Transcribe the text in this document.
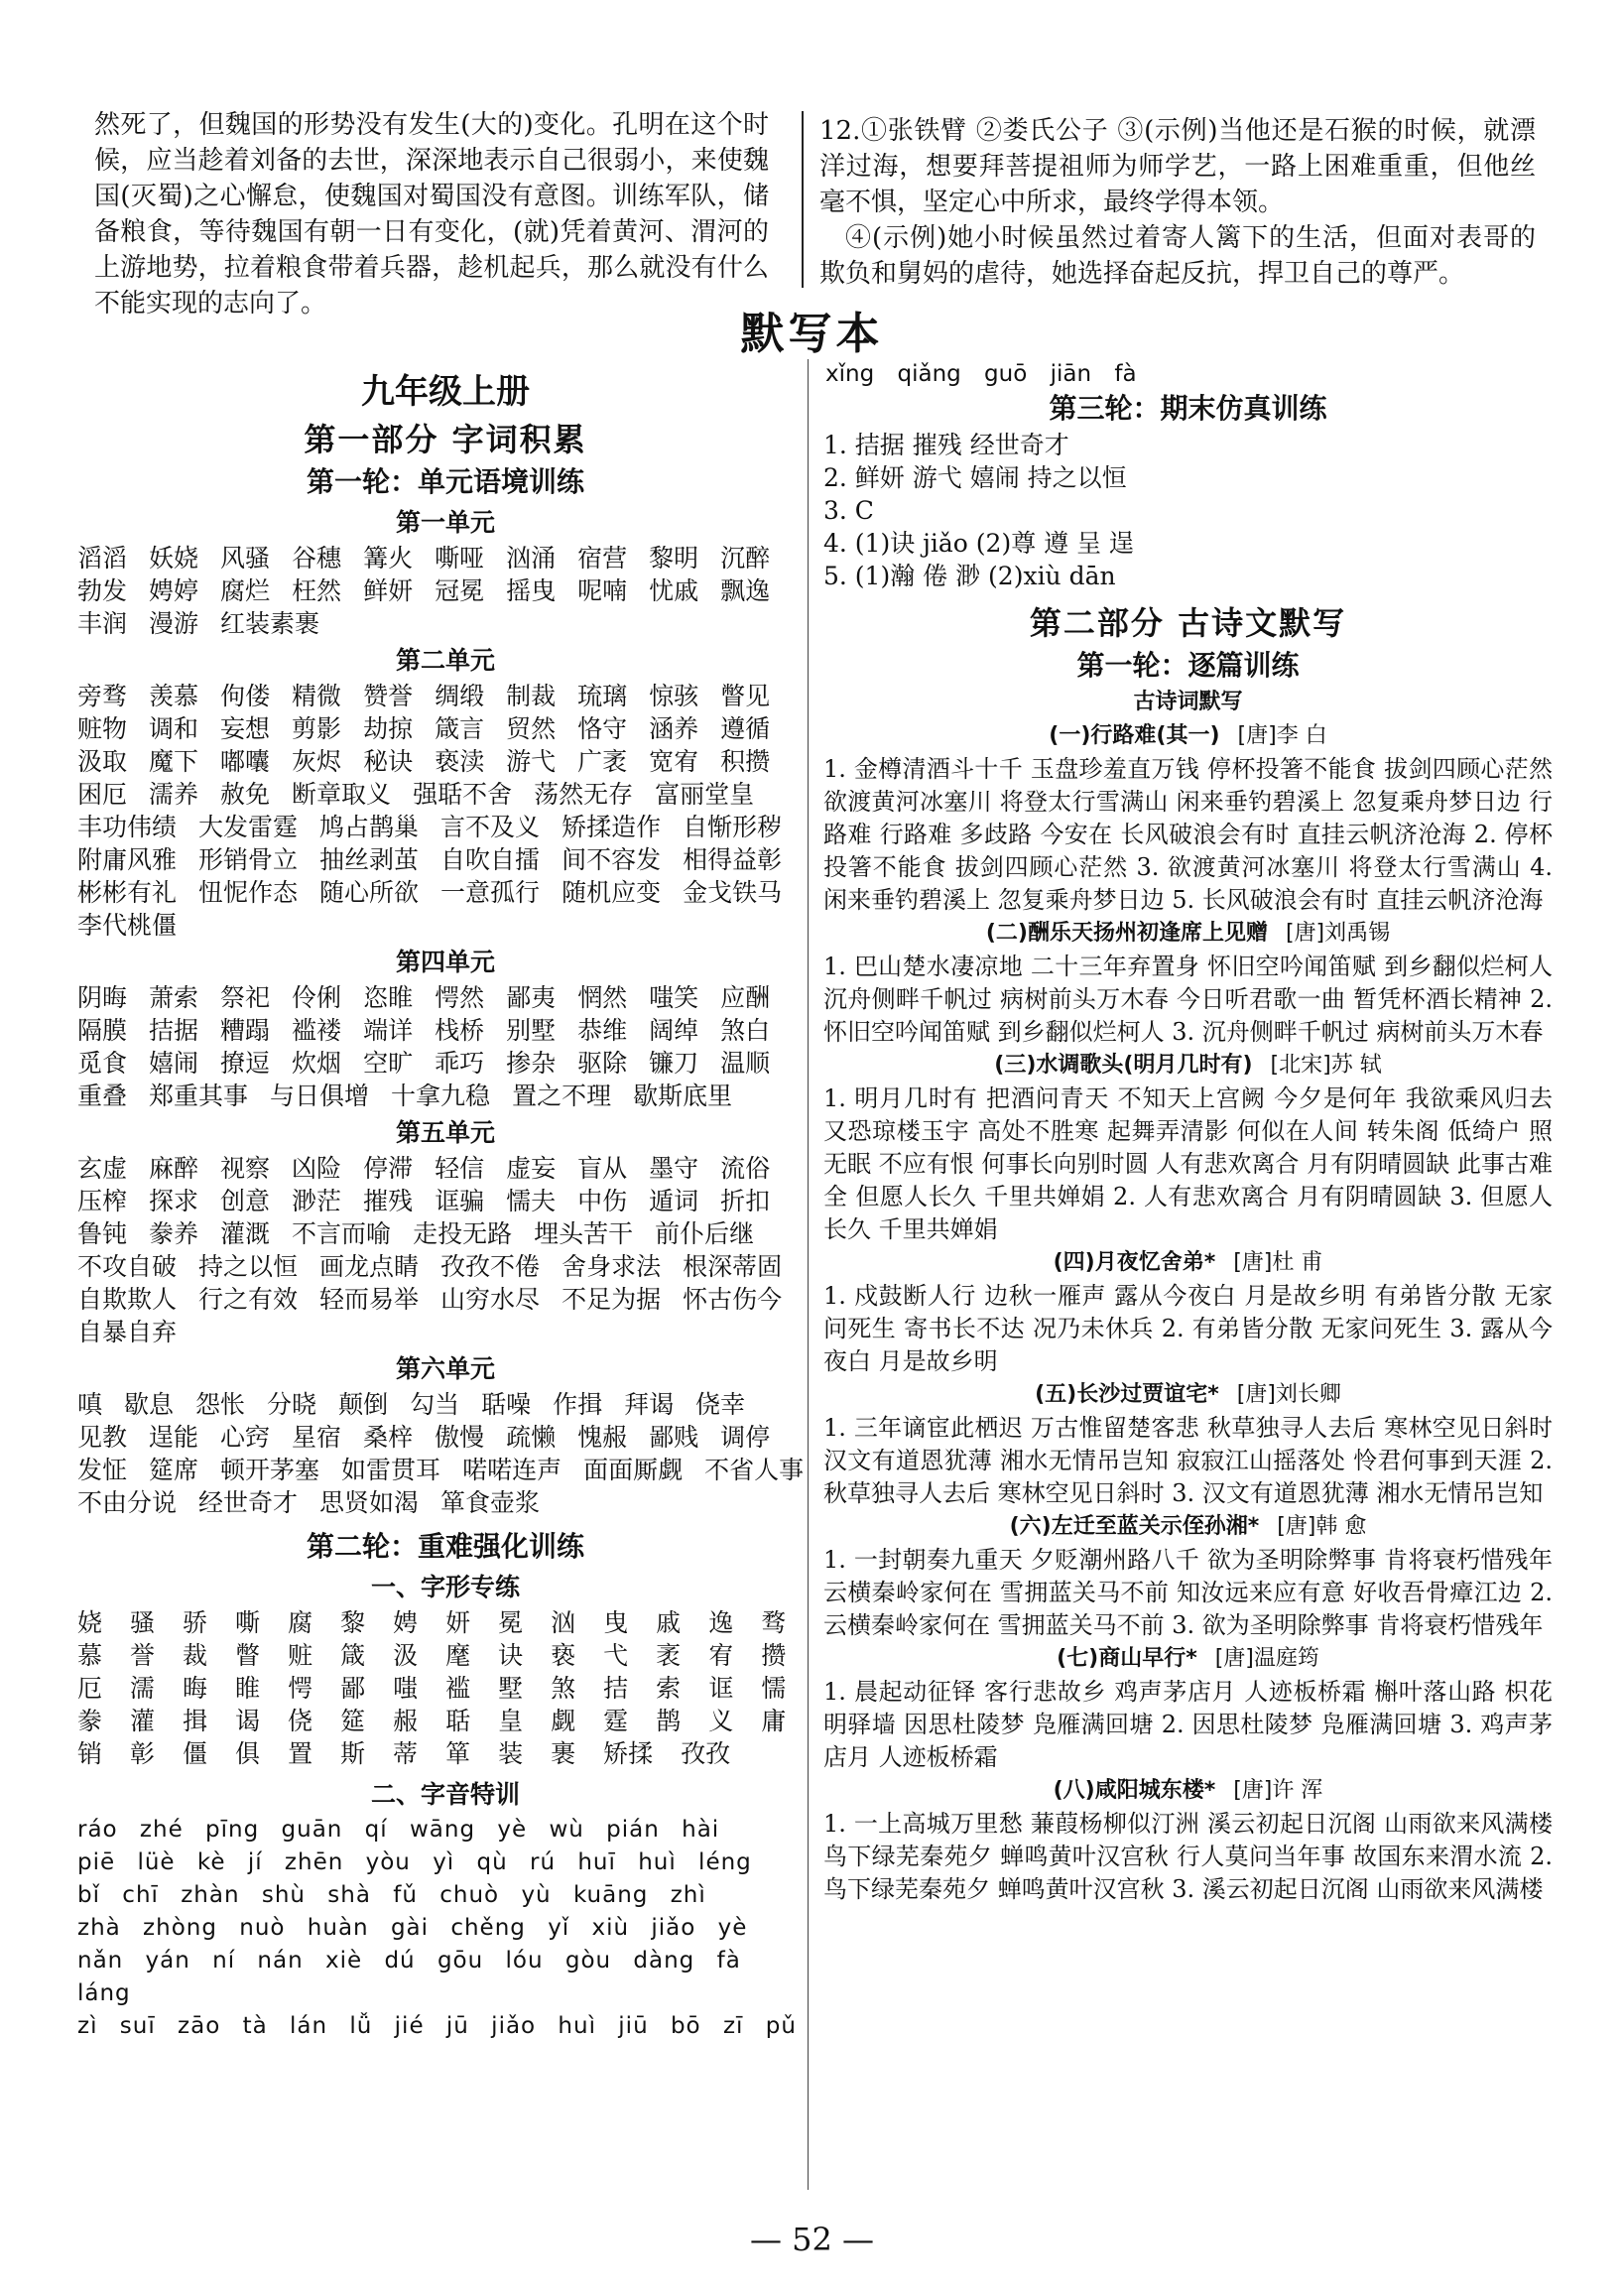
然死了，但魏国的形势没有发生(大的)变化。孔明在这个时候，应当趁着刘备的去世，深深地表示自己很弱小，来使魏国(灭蜀)之心懈怠，使魏国对蜀国没有意图。训练军队，储备粮食，等待魏国有朝一日有变化，(就)凭着黄河、渭河的上游地势，拉着粮食带着兵器，趁机起兵，那么就没有什么不能实现的志向了。

12.①张铁臂 ②娄氏公子 ③(示例)当他还是石猴的时候，就漂洋过海，想要拜菩提祖师为师学艺，一路上困难重重，但他丝毫不惧，坚定心中所求，最终学得本领。

④(示例)她小时候虽然过着寄人篱下的生活，但面对表哥的欺负和舅妈的虐待，她选择奋起反抗，捍卫自己的尊严。

默写本
九年级上册
第一部分 字词积累
第一轮：单元语境训练
第一单元
滔滔 妖娆 风骚 谷穗 篝火 嘶哑 汹涌 宿营 黎明 沉醉
勃发 娉婷 腐烂 枉然 鲜妍 冠冕 摇曳 呢喃 忧戚 飘逸
丰润 漫游 红装素裹
第二单元
旁骛 羡慕 佝偻 精微 赞誉 绸缎 制裁 琉璃 惊骇 瞥见
赃物 调和 妄想 剪影 劫掠 箴言 贸然 恪守 涵养 遵循
汲取 魔下 嘟囔 灰烬 秘诀 亵渎 游弋 广袤 宽宥 积攒
困厄 濡养 赦免 断章取义 强聒不舍 荡然无存 富丽堂皇
丰功伟绩 大发雷霆 鸠占鹊巢 言不及义 矫揉造作 自惭形秽
附庸风雅 形销骨立 抽丝剥茧 自吹自擂 间不容发 相得益彰
彬彬有礼 忸怩作态 随心所欲 一意孤行 随机应变 金戈铁马
李代桃僵
第四单元
阴晦 萧索 祭祀 伶俐 恣睢 愕然 鄙夷 惘然 嗤笑 应酬
隔膜 拮据 糟蹋 褴褛 端详 栈桥 别墅 恭维 阔绰 煞白
觅食 嬉闹 撩逗 炊烟 空旷 乖巧 掺杂 驱除 镰刀 温顺
重叠 郑重其事 与日俱增 十拿九稳 置之不理 歇斯底里
第五单元
玄虚 麻醉 视察 凶险 停滞 轻信 虚妄 盲从 墨守 流俗
压榨 探求 创意 渺茫 摧残 诓骗 懦夫 中伤 遁词 折扣
鲁钝 豢养 灌溉 不言而喻 走投无路 埋头苦干 前仆后继
不攻自破 持之以恒 画龙点睛 孜孜不倦 舍身求法 根深蒂固
自欺欺人 行之有效 轻而易举 山穷水尽 不足为据 怀古伤今
自暴自弃
第六单元
嗔 歇息 怨怅 分晓 颠倒 勾当 聒噪 作揖 拜谒 侥幸
见教 逞能 心窍 星宿 桑梓 傲慢 疏懒 愧赧 鄙贱 调停
发怔 筵席 顿开茅塞 如雷贯耳 喏喏连声 面面厮觑 不省人事
不由分说 经世奇才 思贤如渴 箪食壶浆
第二轮：重难强化训练
一、字形专练
娆 骚 骄 嘶 腐 黎 娉 妍 冕 汹 曳 戚 逸 骛
慕 誉 裁 瞥 赃 箴 汲 麾 诀 亵 弋 袤 宥 攒
厄 濡 晦 睢 愕 鄙 嗤 褴 墅 煞 拮 索 诓 懦
豢 灌 揖 谒 侥 筵 赧 聒 皇 觑 霆 鹊 义 庸
销 彰 僵 俱 置 斯 蒂 箪 装 裹 矫揉 孜孜
二、字音特训
ráo zhé pīng guān qí wāng yè wù pián hài
piē lüè kè jí zhēn yòu yì qù rú huī huì léng
bǐ chī zhàn shù shà fǔ chuò yù kuāng zhì
zhà zhòng nuò huàn gài chěng yǐ xiù jiǎo yè
nǎn yán ní nán xiè dú gōu lóu gòu dàng fà láng
zì suī zāo tà lán lǚ jié jū jiǎo huì jiū bō zī pǔ
xǐng qiǎng guō jiān fà
第三轮：期末仿真训练
1. 拮据 摧残 经世奇才
2. 鲜妍 游弋 嬉闹 持之以恒
3. C
4. (1)诀 jiǎo (2)尊 遵 呈 逞
5. (1)瀚 倦 渺 (2)xiù dān
第二部分 古诗文默写
第一轮：逐篇训练
古诗词默写
(一)行路难(其一) [唐]李 白
1. 金樽清酒斗十千 玉盘珍羞直万钱 停杯投箸不能食 拔剑四顾心茫然 欲渡黄河冰塞川 将登太行雪满山 闲来垂钓碧溪上 忽复乘舟梦日边 行路难 行路难 多歧路 今安在 长风破浪会有时 直挂云帆济沧海 2. 停杯投箸不能食 拔剑四顾心茫然 3. 欲渡黄河冰塞川 将登太行雪满山 4. 闲来垂钓碧溪上 忽复乘舟梦日边 5. 长风破浪会有时 直挂云帆济沧海
(二)酬乐天扬州初逢席上见赠 [唐]刘禹锡
1. 巴山楚水凄凉地 二十三年弃置身 怀旧空吟闻笛赋 到乡翻似烂柯人 沉舟侧畔千帆过 病树前头万木春 今日听君歌一曲 暂凭杯酒长精神 2. 怀旧空吟闻笛赋 到乡翻似烂柯人 3. 沉舟侧畔千帆过 病树前头万木春
(三)水调歌头(明月几时有) [北宋]苏 轼
1. 明月几时有 把酒问青天 不知天上宫阙 今夕是何年 我欲乘风归去 又恐琼楼玉宇 高处不胜寒 起舞弄清影 何似在人间 转朱阁 低绮户 照无眠 不应有恨 何事长向别时圆 人有悲欢离合 月有阴晴圆缺 此事古难全 但愿人长久 千里共婵娟 2. 人有悲欢离合 月有阴晴圆缺 3. 但愿人长久 千里共婵娟
(四)月夜忆舍弟* [唐]杜 甫
1. 戍鼓断人行 边秋一雁声 露从今夜白 月是故乡明 有弟皆分散 无家问死生 寄书长不达 况乃未休兵 2. 有弟皆分散 无家问死生 3. 露从今夜白 月是故乡明
(五)长沙过贾谊宅* [唐]刘长卿
1. 三年谪宦此栖迟 万古惟留楚客悲 秋草独寻人去后 寒林空见日斜时 汉文有道恩犹薄 湘水无情吊岂知 寂寂江山摇落处 怜君何事到天涯 2. 秋草独寻人去后 寒林空见日斜时 3. 汉文有道恩犹薄 湘水无情吊岂知
(六)左迁至蓝关示侄孙湘* [唐]韩 愈
1. 一封朝奏九重天 夕贬潮州路八千 欲为圣明除弊事 肯将衰朽惜残年 云横秦岭家何在 雪拥蓝关马不前 知汝远来应有意 好收吾骨瘴江边 2. 云横秦岭家何在 雪拥蓝关马不前 3. 欲为圣明除弊事 肯将衰朽惜残年
(七)商山早行* [唐]温庭筠
1. 晨起动征铎 客行悲故乡 鸡声茅店月 人迹板桥霜 槲叶落山路 枳花明驿墙 因思杜陵梦 凫雁满回塘 2. 因思杜陵梦 凫雁满回塘 3. 鸡声茅店月 人迹板桥霜
(八)咸阳城东楼* [唐]许 浑
1. 一上高城万里愁 蒹葭杨柳似汀洲 溪云初起日沉阁 山雨欲来风满楼 鸟下绿芜秦苑夕 蝉鸣黄叶汉宫秋 行人莫问当年事 故国东来渭水流 2. 鸟下绿芜秦苑夕 蝉鸣黄叶汉宫秋 3. 溪云初起日沉阁 山雨欲来风满楼
— 52 —
